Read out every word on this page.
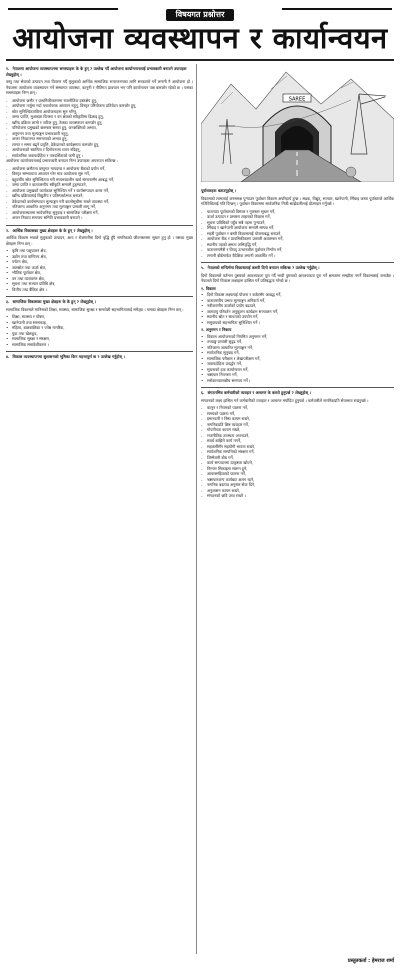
विषयगत प्रश्नोत्तर
आयोजना व्यवस्थापन र कार्यान्वयन
१. नेपालमा आयोजना व्यवस्थापनमा समस्याहरू के के हुन् ? उल्लेख गर्दै आयोजना कार्यान्वयनलाई प्रभावकारी बनाउने उपायहरू लेख्नुहोस् ।

वस्तु तथा सेवाको उत्पादन तथा वितरण गर्दै मुलुकको आर्थिक सामाजिक रूपान्तरणका लागि सरकारले गर्ने लगानी नै आयोजना हो । नेपालमा आयोजना व्यवस्थापन गर्ने संस्थागत व्यवस्था, कानुनी र नीतिगत प्रावधान भए पनि कार्यान्वयन पक्ष कमजोर रहेको छ । यसका समस्याहरू निम्न छन् :

- आयोजना छनौट र प्राथमिकीकरणमा राजनीतिक हस्तक्षेप हुनु,
- आयोजना तर्जुमा गर्दा यथार्थपरक अध्ययन नहुनु, विस्तृत परियोजना प्रतिवेदन कमजोर हुनु,
- स्रोत सुनिश्चितताबिना आयोजनाहरू सुरु गरिनु,
- जग्गा प्राप्ति, मुआब्जा वितरण र वन क्षेत्रको स्वीकृतिमा ढिलाइ हुनु,
- खरिद प्रक्रिया लामो र जटिल हुनु, ठेक्का व्यवस्थापन कमजोर हुनु,
- परियोजना प्रमुखको बारम्बार सरुवा हुनु, जनशक्तिको अभाव,
- अनुगमन तथा मूल्याङ्कन प्रभावकारी नहुनु,
- अन्तर निकायगत समन्वयको अभाव हुनु,
- लागत र समय बढ्ने प्रवृत्ति, ठेकेदारको कार्यक्षमता कमजोर हुनु,
- आयोजनाको स्वामित्व र दिगोपनामा ध्यान नदिइनु,
- सार्वजनिक जवाफदेहिता र पारदर्शिताको कमी हुनु ।

आयोजना कार्यान्वयनलाई प्रभावकारी बनाउन निम्न उपायहरू अपनाउन सकिन्छ :

- आयोजना छनौटमा वस्तुगत मापदण्ड र आयोजना बैंकको प्रयोग गर्ने,
- विस्तृत सम्भाव्यता अध्ययन गरेर मात्र आयोजना सुरु गर्ने,
- बहुवर्षीय स्रोत सुनिश्चितता गरी मध्यमकालीन खर्च संरचनासँग आबद्ध गर्ने,
- जग्गा प्राप्ति र वातावरणीय स्वीकृति समयमै टुङ्ग्याउने,
- आयोजना प्रमुखको कार्यकाल सुनिश्चित गर्ने र कार्यसम्पादन करार गर्ने,
- खरिद प्रक्रियालाई विद्युतीय र प्रतिस्पर्धात्मक बनाउने,
- ठेकेदारको कार्यसम्पादन मूल्याङ्कन गरी कालोसूचीमा राख्ने व्यवस्था गर्ने,
- नतिजामा आधारित अनुगमन तथा मूल्याङ्कन प्रणाली लागू गर्ने,
- आयोजनास्थलमा सार्वजनिक सुनुवाइ र सामाजिक परीक्षण गर्ने,
- अन्तर निकाय समन्वय समिति प्रभावकारी बनाउने ।
२. आर्थिक विकासका मुख्य क्षेत्रहरू के के हुन् ? लेख्नुहोस् ।

आर्थिक विकास भन्नाले मुलुकको उत्पादन, आय र रोजगारीमा दिगो वृद्धि हुँदै नागरिकको जीवनस्तरमा सुधार हुनु हो । यसका मुख्य क्षेत्रहरू निम्न छन् :

• कृषि तथा पशुपालन क्षेत्र,
• उद्योग तथा वाणिज्य क्षेत्र,
• पर्यटन क्षेत्र,
• जलस्रोत तथा ऊर्जा क्षेत्र,
• भौतिक पूर्वाधार क्षेत्र,
• वन तथा वातावरण क्षेत्र,
• सूचना तथा सञ्चार प्रविधि क्षेत्र,
• वित्तीय तथा बैंकिङ क्षेत्र ।
३. सामाजिक विकासका मुख्य क्षेत्रहरू के के हुन् ? लेख्नुहोस् ।

सामाजिक विकासले मानिसको शिक्षा, स्वास्थ्य, सामाजिक सुरक्षा र समावेशी सहभागितालाई समेट्छ । यसका क्षेत्रहरू निम्न छन् :

• शिक्षा, स्वास्थ्य र पोषण,
• खानेपानी तथा सरसफाइ,
• महिला, बालबालिका र ज्येष्ठ नागरिक,
• युवा तथा खेलकुद,
• सामाजिक सुरक्षा र संरक्षण,
• सामाजिक समावेशीकरण ।
४. विकास व्यवस्थापनमा सुशासनको भूमिका किन महत्त्वपूर्ण छ ? उल्लेख गर्नुहोस् ।
SAREE
पूर्वाधारहरू बताउनुहोस् ।

विकासको लाभलाई जनसमक्ष पुऱ्याउन पूर्वाधार विकास अपरिहार्य हुन्छ । सडक, विद्युत्, सञ्चार, खानेपानी, सिँचाइ जस्ता पूर्वाधारले आर्थिक गतिविधिलाई गति दिन्छन् । पूर्वाधार विकासमा सार्वजनिक निजी साझेदारीलाई प्रोत्साहन गर्नुपर्छ ।

- यातायात पूर्वाधारको विस्तार र गुणस्तर सुधार गर्ने,
- ऊर्जा उत्पादन र प्रसारण लाइनको विकास गर्ने,
- सूचना प्रविधिको पहुँच सबै तहमा पुऱ्याउने,
- सिँचाइ र खानेपानी आयोजना समयमै सम्पन्न गर्ने,
- सहरी पूर्वाधार र बस्ती विकासलाई योजनाबद्ध बनाउने,
- आयोजना बैंक र प्राथमिकीकरण प्रणाली अवलम्बन गर्ने,
- स्थानीय तहको क्षमता अभिवृद्धि गर्ने,
- वातावरणमैत्री र विपद् उत्थानशील पूर्वाधार निर्माण गर्ने,
- लगानी बोर्डमार्फत वैदेशिक लगानी आकर्षित गर्ने ।
५. नेपालको सन्दिर्भमा विकासलाई कसरी दिगो बनाउन सकिन्छ ? उल्लेख गर्नुहोस् ।

दिगो विकासले वर्तमान पुस्ताको आवश्यकता पूरा गर्दै भावी पुस्ताको आवश्यकता पूरा गर्ने क्षमतामा सम्झौता नगर्ने विकासलाई जनाउँछ । नेपालले दिगो विकास लक्ष्यहरू हासिल गर्ने प्रतिबद्धता गरेको छ ।

१. विकास
• दिगो विकास लक्ष्यलाई योजना र बजेटसँग आबद्ध गर्ने,
• वातावरणीय प्रभाव मूल्याङ्कन अनिवार्य गर्ने,
• नवीकरणीय ऊर्जाको प्रयोग बढाउने,
• जलवायु परिवर्तन अनुकूलन कार्यक्रम सञ्चालन गर्ने,
• स्थानीय स्रोत र साधनको उपयोग गर्ने,
• समुदायको सहभागिता सुनिश्चित गर्ने ।
२. अनुगमन र निकाय
• विकास आयोजनाको नियमित अनुगमन गर्ने,
• तथ्याङ्क प्रणाली सुदृढ गर्ने,
• नतिजामा आधारित मूल्याङ्कन गर्ने,
• सार्वजनिक सुनुवाइ गर्ने,
• सामाजिक परीक्षण र लेखापरीक्षण गर्ने,
• जवाफदेहिता प्रवर्द्धन गर्ने,
• सूचनाको हक कार्यान्वयन गर्ने,
• भ्रष्टाचार नियन्त्रण गर्ने,
• सरोकारवालाबीच समन्वय गर्ने ।
६. संगठनभित्र कर्मचारीको व्यवहार र आचरण के कस्तो हुनुपर्छ ? लेख्नुहोस् ।

संगठनको लक्ष्य हासिल गर्न कर्मचारीको व्यवहार र आचरण मर्यादित हुनुपर्छ । कर्मचारीले नागरिकप्रति सेवाभाव राख्नुपर्छ ।

- कानुन र नियमको पालना गर्ने,
- समयको पालना गर्ने,
- इमानदारी र निष्ठा कायम राख्ने,
- नागरिकप्रति शिष्ट व्यवहार गर्ने,
- गोपनीयता कायम राख्ने,
- राजनीतिक तटस्थता अपनाउने,
- स्वार्थ बाझिने कार्य नगर्ने,
- सहकर्मीसँग सहयोगी भावना राख्ने,
- सार्वजनिक सम्पत्तिको संरक्षण गर्ने,
- जिम्मेवारी बोध गर्ने,
- कार्य सम्पादनमा उत्कृष्टता खोज्ने,
- निरन्तर सिकाइमा संलग्न हुने,
- आचारसंहिताको पालना गर्ने,
- भ्रष्टाचारजन्य कार्यबाट अलग रहने,
- नागरिक बडापत्र अनुसार सेवा दिने,
- अनुशासन कायम राख्ने,
- संगठनको छवि उच्च राख्ने ।
प्रस्तुतकर्ता : हेमराज शर्मा
